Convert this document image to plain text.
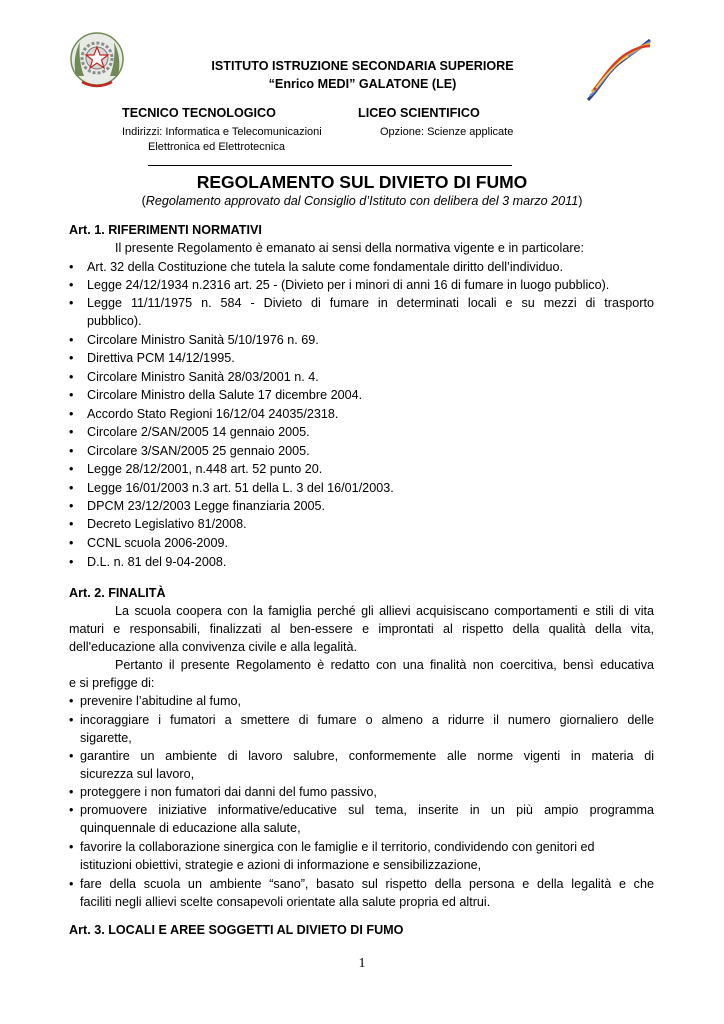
ISTITUTO ISTRUZIONE SECONDARIA SUPERIORE
“Enrico MEDI” GALATONE (LE)
TECNICO TECNOLOGICO
Indirizzi: Informatica e Telecomunicazioni
Elettronica ed Elettrotecnica
LICEO SCIENTIFICO
Opzione: Scienze applicate
REGOLAMENTO SUL DIVIETO DI FUMO
(Regolamento approvato dal Consiglio d’Istituto con delibera del 3 marzo 2011)
Art. 1. RIFERIMENTI NORMATIVI
Il presente Regolamento è emanato ai sensi della normativa vigente e in particolare:
• Art. 32 della Costituzione che tutela la salute come fondamentale diritto dell’individuo.
• Legge 24/12/1934 n.2316 art. 25 - (Divieto per i minori di anni 16 di fumare in luogo pubblico).
• Legge 11/11/1975 n. 584 - Divieto di fumare in determinati locali e su mezzi di trasporto
pubblico).
• Circolare Ministro Sanità 5/10/1976 n. 69.
• Direttiva PCM 14/12/1995.
• Circolare Ministro Sanità 28/03/2001 n. 4.
• Circolare Ministro della Salute 17 dicembre 2004.
• Accordo Stato Regioni 16/12/04 24035/2318.
• Circolare 2/SAN/2005 14 gennaio 2005.
• Circolare 3/SAN/2005 25 gennaio 2005.
• Legge 28/12/2001, n.448 art. 52 punto 20.
• Legge 16/01/2003 n.3 art. 51 della L. 3 del 16/01/2003.
• DPCM 23/12/2003 Legge finanziaria 2005.
• Decreto Legislativo 81/2008.
• CCNL scuola 2006-2009.
• D.L. n. 81 del 9-04-2008.
Art. 2. FINALITÀ
La scuola coopera con la famiglia perché gli allievi acquisiscano comportamenti e stili di vita
maturi e responsabili, finalizzati al ben-essere e improntati al rispetto della qualità della vita,
dell'educazione alla convivenza civile e alla legalità.
Pertanto il presente Regolamento è redatto con una finalità non coercitiva, bensì educativa
e si prefigge di:
• prevenire l’abitudine al fumo,
• incoraggiare i fumatori a smettere di fumare o almeno a ridurre il numero giornaliero delle
sigarette,
• garantire un ambiente di lavoro salubre, conformemente alle norme vigenti in materia di
sicurezza sul lavoro,
• proteggere i non fumatori dai danni del fumo passivo,
• promuovere iniziative informative/educative sul tema, inserite in un più ampio programma
quinquennale di educazione alla salute,
• favorire la collaborazione sinergica con le famiglie e il territorio, condividendo con genitori ed
istituzioni obiettivi, strategie e azioni di informazione e sensibilizzazione,
• fare della scuola un ambiente “sano”, basato sul rispetto della persona e della legalità e che
faciliti negli allievi scelte consapevoli orientate alla salute propria ed altrui.
Art. 3. LOCALI E AREE SOGGETTI AL DIVIETO DI FUMO
1
